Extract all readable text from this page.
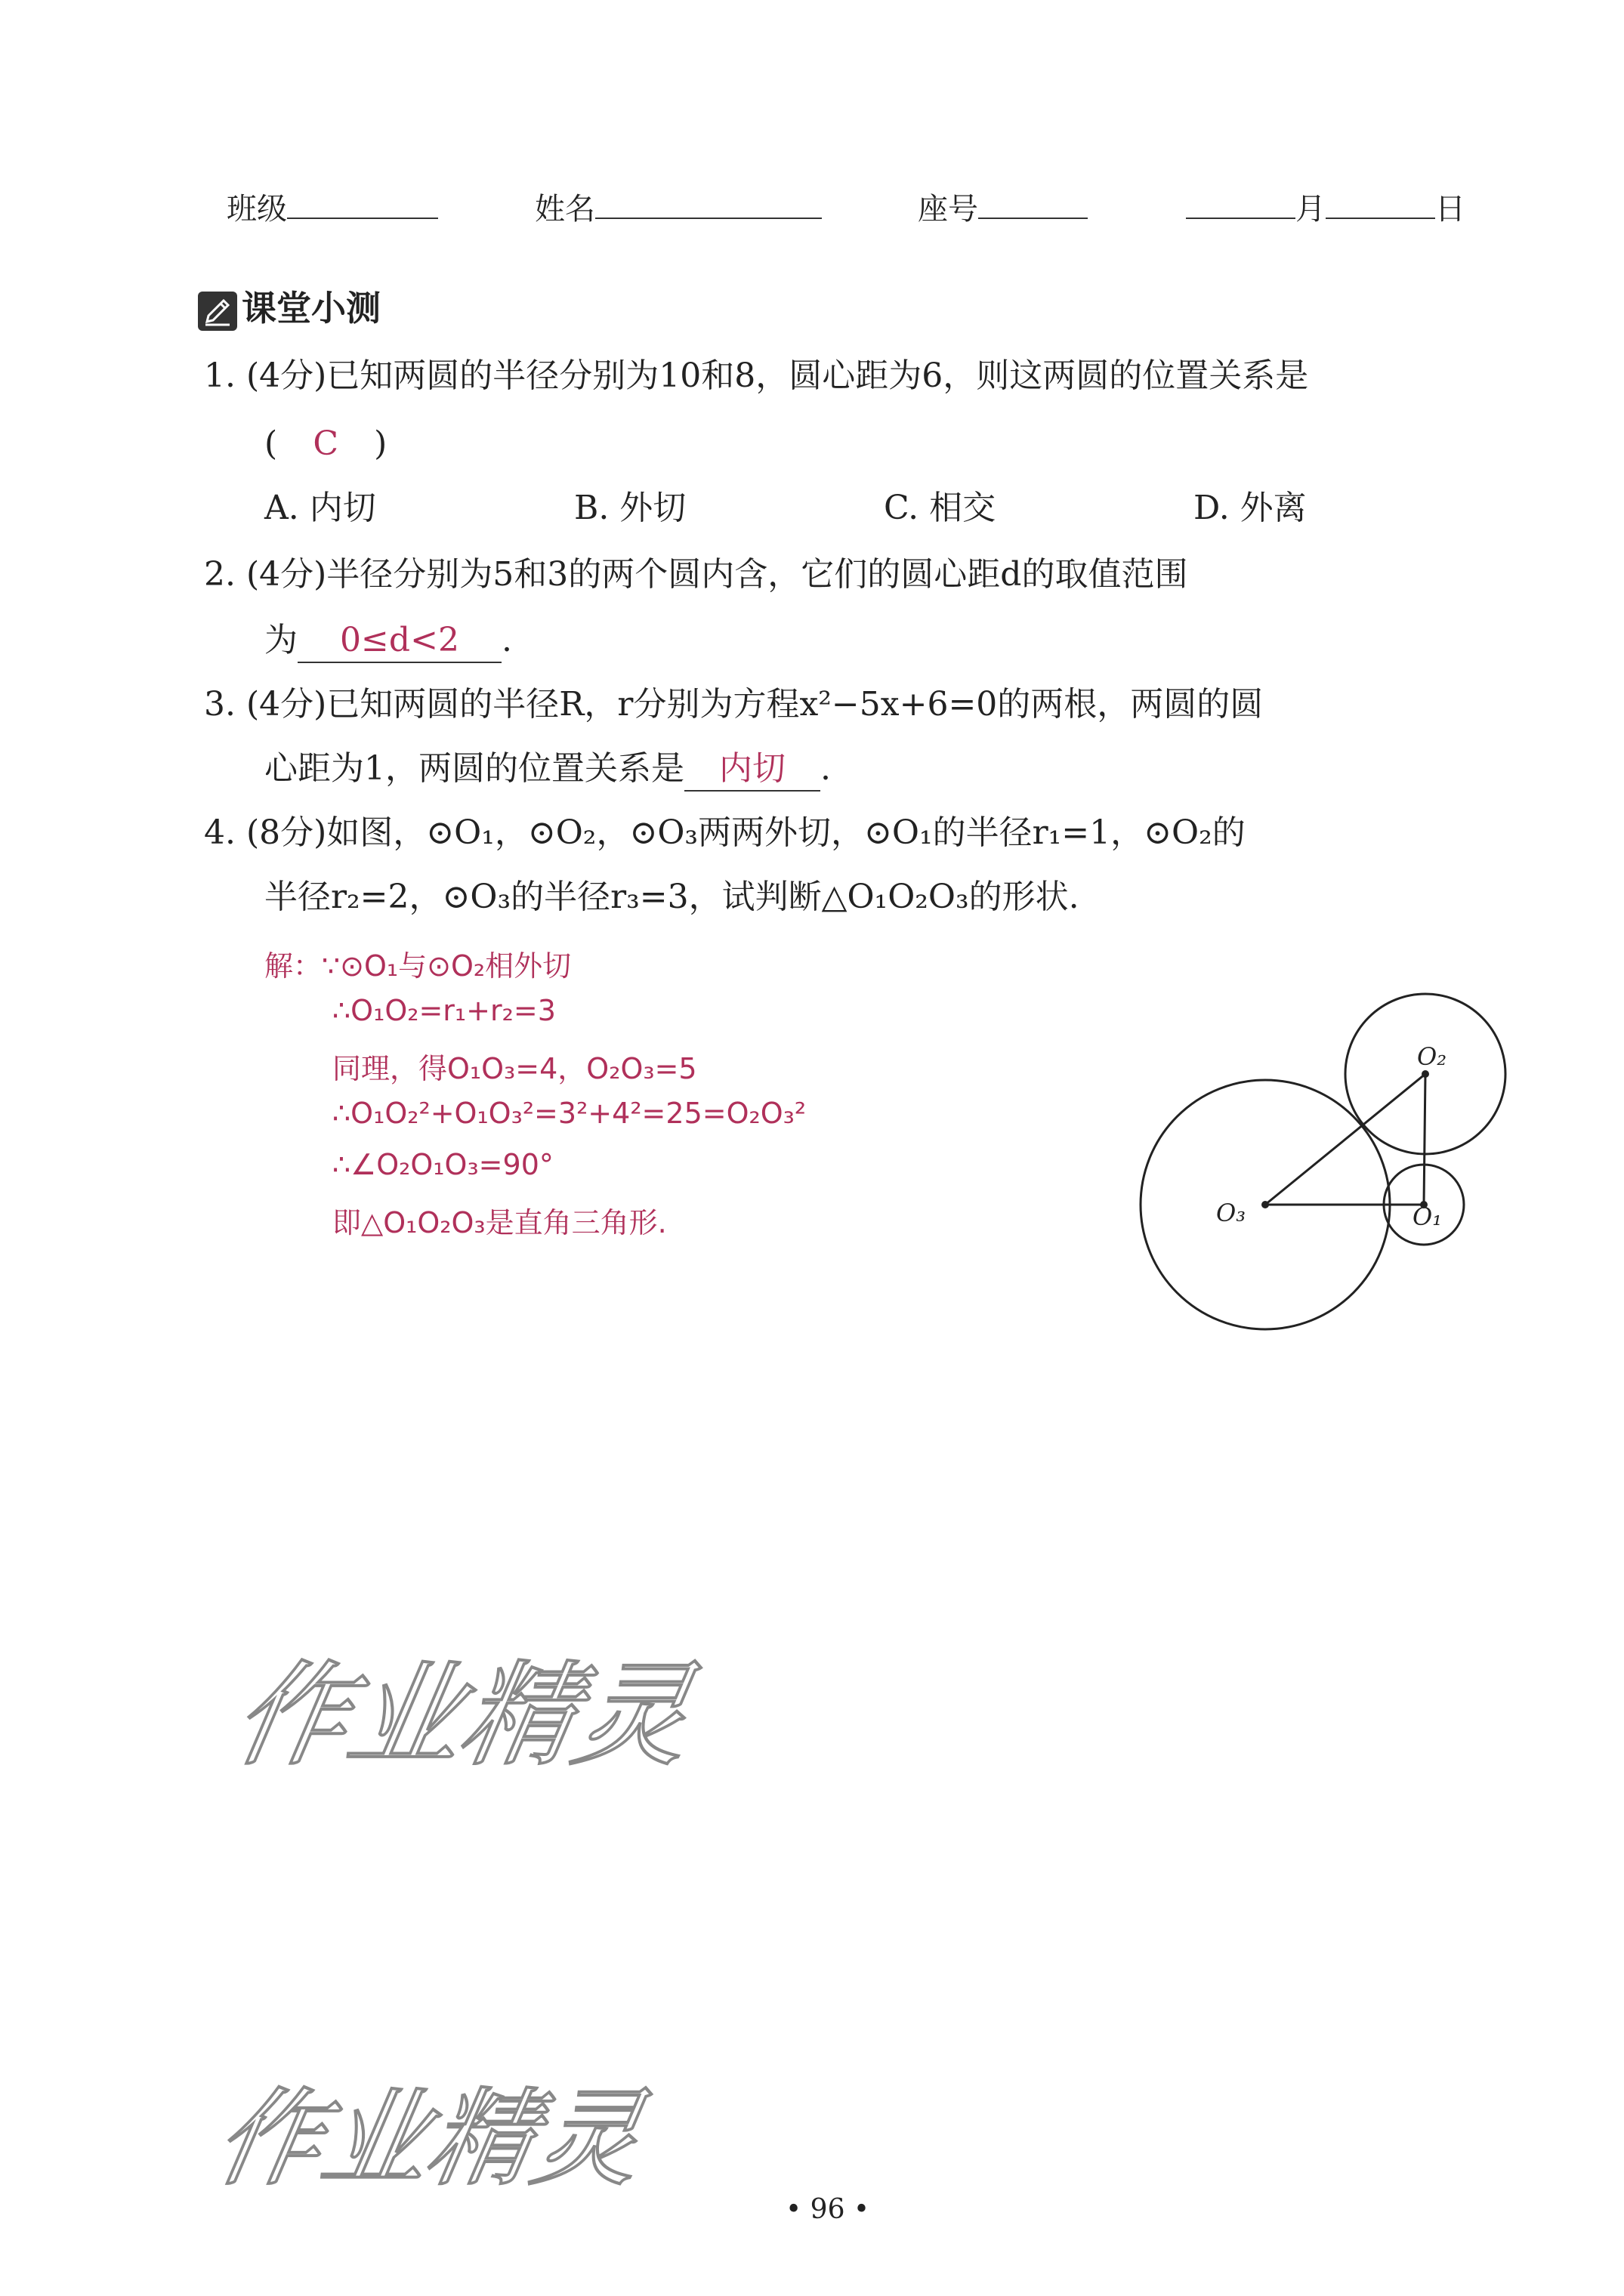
班级	姓名	座号	月	日
课堂小测
1. (4分)已知两圆的半径分别为10和8，圆心距为6，则这两圆的位置关系是
( C )
A. 内切	B. 外切	C. 相交	D. 外离
2. (4分)半径分别为5和3的两个圆内含，它们的圆心距d的取值范围
为 0≤d<2 .
3. (4分)已知两圆的半径R，r分别为方程x²−5x+6=0的两根，两圆的圆
心距为1，两圆的位置关系是 内切 .
4. (8分)如图，⊙O₁，⊙O₂，⊙O₃两两外切，⊙O₁的半径r₁=1，⊙O₂的
半径r₂=2，⊙O₃的半径r₃=3，试判断△O₁O₂O₃的形状.
解：∵⊙O₁与⊙O₂相外切
∴O₁O₂=r₁+r₂=3
同理，得O₁O₃=4，O₂O₃=5
∴O₁O₂²+O₁O₃²=3²+4²=25=O₂O₃²
∴∠O₂O₁O₃=90°
即△O₁O₂O₃是直角三角形.	O₃	O₁
O₂
作业精灵
作业精灵
• 96 •
